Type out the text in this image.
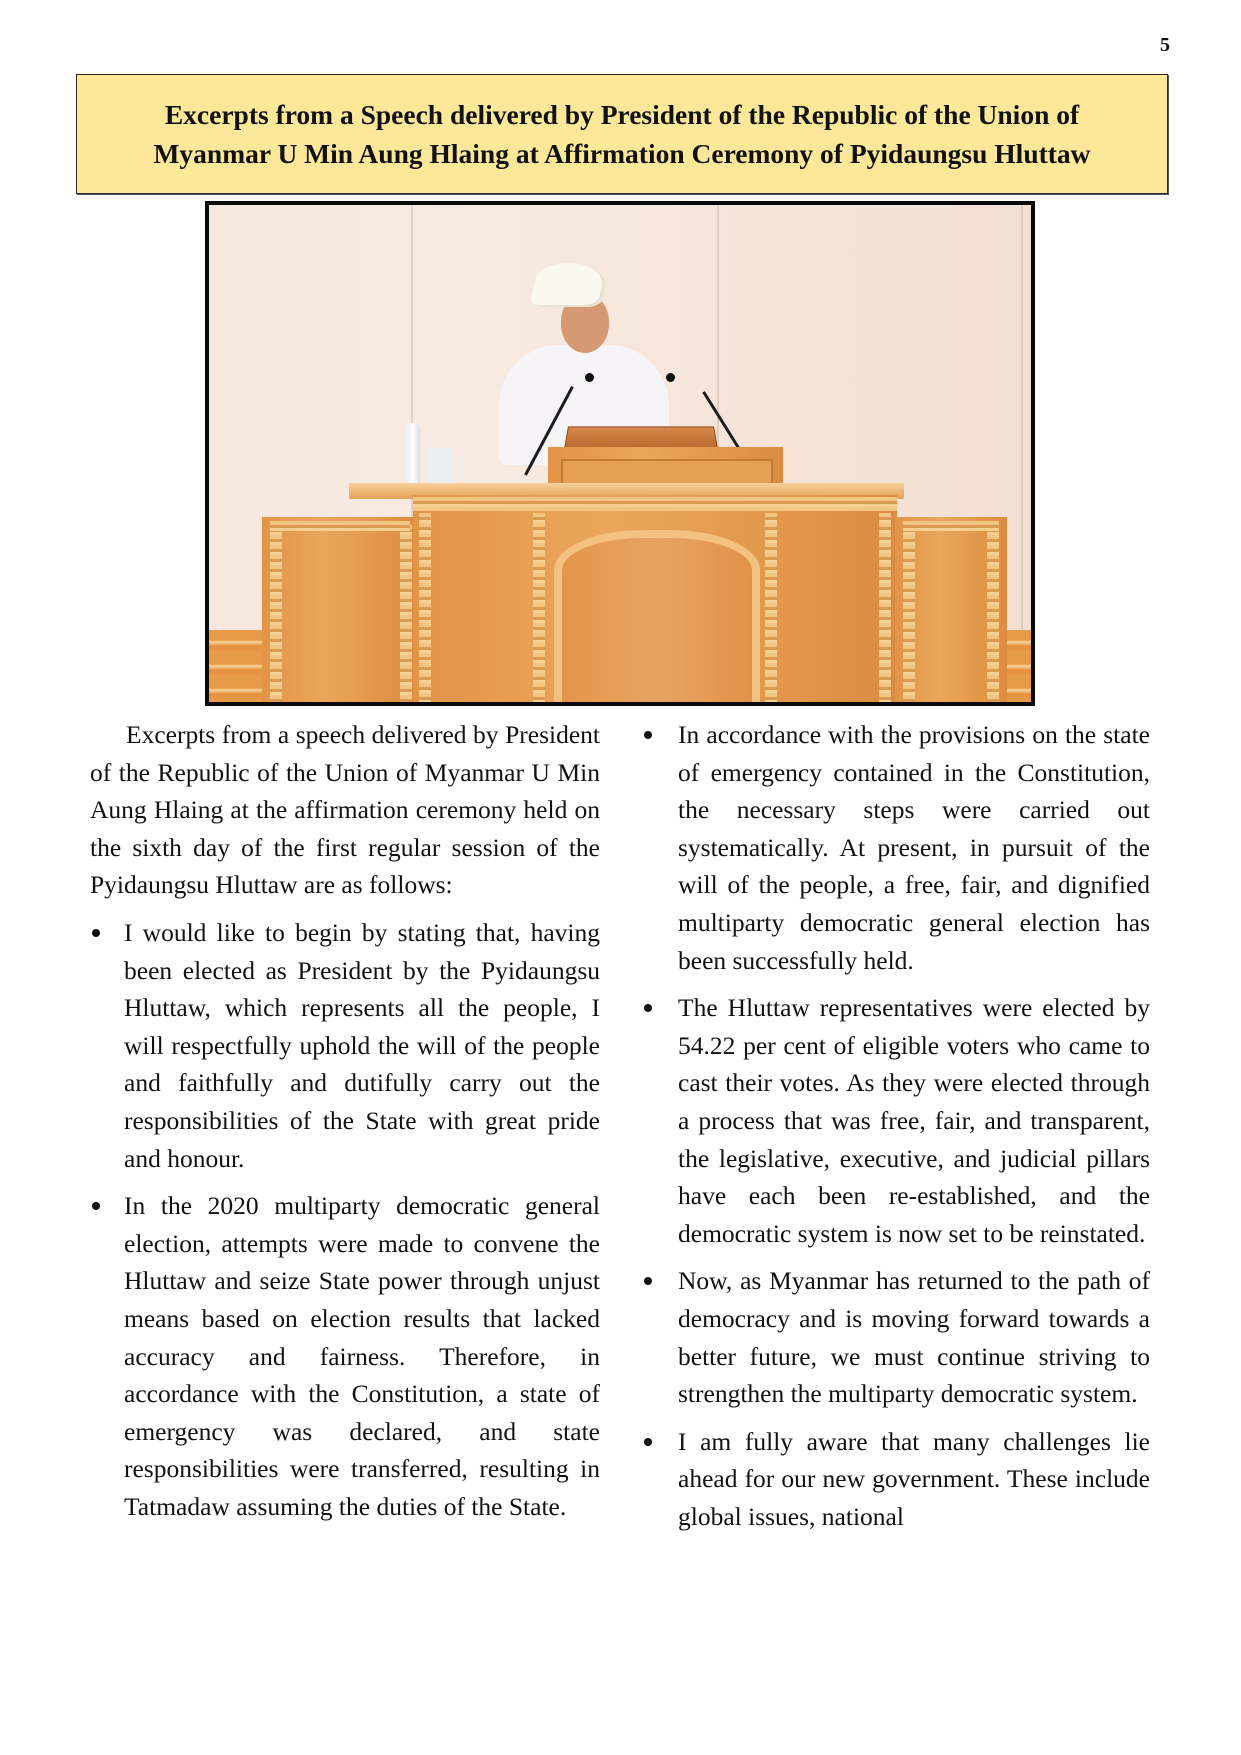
5
Excerpts from a Speech delivered by President of the Republic of the Union of
Myanmar U Min Aung Hlaing at Affirmation Ceremony of Pyidaungsu Hluttaw

Excerpts from a speech delivered by President of the Republic of the Union of Myanmar U Min Aung Hlaing at the affirmation ceremony held on the sixth day of the first regular session of the Pyidaungsu Hluttaw are as follows:

I would like to begin by stating that, having been elected as President by the Pyidaungsu Hluttaw, which represents all the people, I will respectfully uphold the will of the people and faithfully and dutifully carry out the responsibilities of the State with great pride and honour.
In the 2020 multiparty democratic general election, attempts were made to convene the Hluttaw and seize State power through unjust means based on election results that lacked accuracy and fairness. Therefore, in accordance with the Constitution, a state of emergency was declared, and state responsibilities were transferred, resulting in Tatmadaw assuming the duties of the State.
In accordance with the provisions on the state of emergency contained in the Constitution, the necessary steps were carried out systematically. At present, in pursuit of the will of the people, a free, fair, and dignified multiparty democratic general election has been successfully held.
The Hluttaw representatives were elected by 54.22 per cent of eligible voters who came to cast their votes. As they were elected through a process that was free, fair, and transparent, the legislative, executive, and judicial pillars have each been re-established, and the democratic system is now set to be reinstated.
Now, as Myanmar has returned to the path of democracy and is moving forward towards a better future, we must continue striving to strengthen the multiparty democratic system.
I am fully aware that many challenges lie ahead for our new government. These include global issues, national
